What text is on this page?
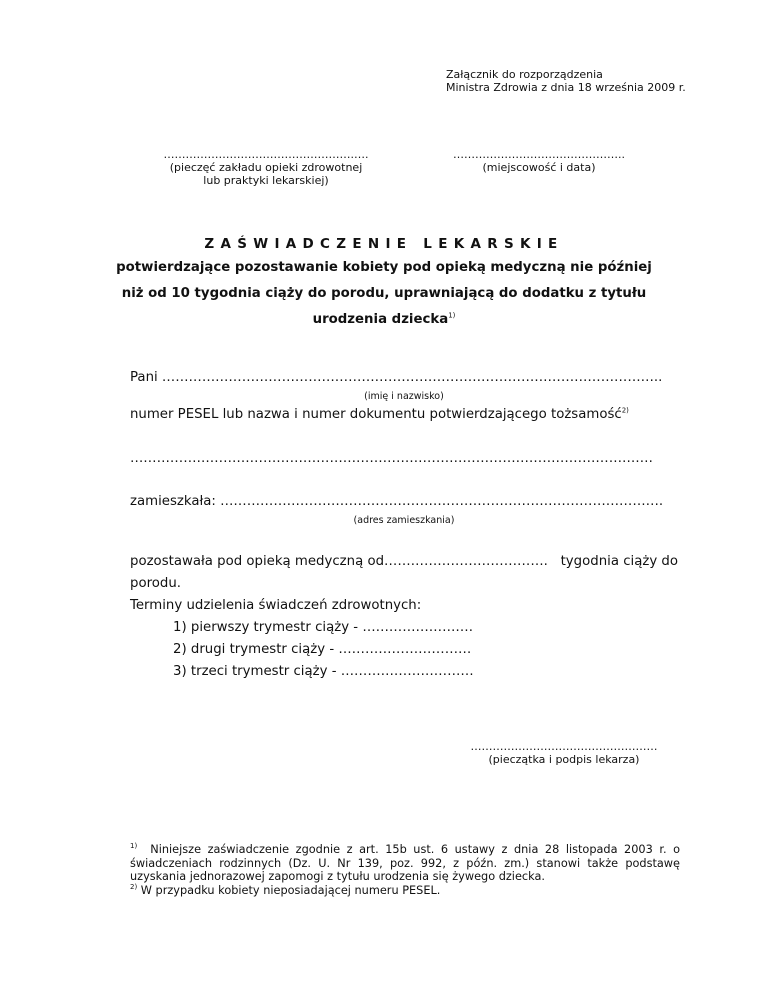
Załącznik do rozporządzenia
Ministra Zdrowia z dnia 18 września 2009 r.
…………………………………………….….
(pieczęć zakładu opieki zdrowotnej
lub praktyki lekarskiej)
………………………………………..
(miejscowość i data)
ZAŚWIADCZENIE LEKARSKIE
potwierdzające pozostawanie kobiety pod opieką medyczną nie później
niż od 10 tygodnia ciąży do porodu, uprawniającą do dodatku z tytułu
urodzenia dziecka$^{1)}$
Pani …………………………………………………………………………………………………..
(imię i nazwisko)
numer PESEL lub nazwa i numer dokumentu potwierdzającego tożsamość$^{2)}$
……………………………………………………………………………………………………….
zamieszkała: ……………………………………………………………………………………….
(adres zamieszkania)
pozostawała pod opieką medyczną od ………………………………. tygodnia ciąży do
porodu.
Terminy udzielenia świadczeń zdrowotnych:
1) pierwszy trymestr ciąży - …………………….
2) drugi trymestr ciąży - …………………………
3) trzeci trymestr ciąży - …………………………
……………………………………………
(pieczątka i podpis lekarza)
$^{1)}$ Niniejsze zaświadczenie zgodnie z art. 15b ust. 6 ustawy z dnia 28 listopada 2003 r. o świadczeniach rodzinnych (Dz. U. Nr 139, poz. 992, z późn. zm.) stanowi także podstawę uzyskania jednorazowej zapomogi z tytułu urodzenia się żywego dziecka.
$^{2)}$ W przypadku kobiety nieposiadającej numeru PESEL.
